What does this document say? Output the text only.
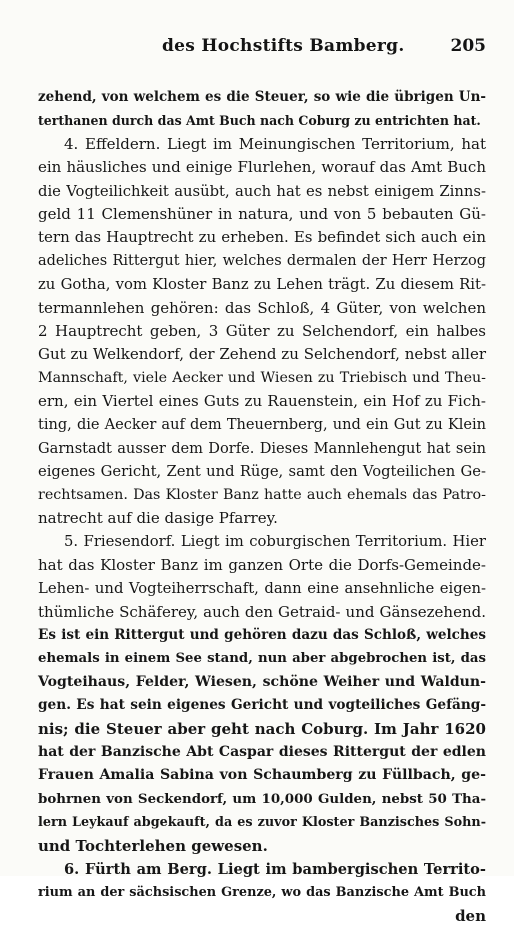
des Hochstifts Bamberg.	205
zehend, von welchem es die Steuer, so wie die übrigen Un-
terthanen durch das Amt Buch nach Coburg zu entrichten hat.
4. Effeldern. Liegt im Meinungischen Territorium, hat
ein häusliches und einige Flurlehen, worauf das Amt Buch
die Vogteilichkeit ausübt, auch hat es nebst einigem Zinns-
geld 11 Clemenshüner in natura, und von 5 bebauten Gü-
tern das Hauptrecht zu erheben. Es befindet sich auch ein
adeliches Rittergut hier, welches dermalen der Herr Herzog
zu Gotha, vom Kloster Banz zu Lehen trägt. Zu diesem Rit-
termannlehen gehören: das Schloß, 4 Güter, von welchen
2 Hauptrecht geben, 3 Güter zu Selchendorf, ein halbes
Gut zu Welkendorf, der Zehend zu Selchendorf, nebst aller
Mannschaft, viele Aecker und Wiesen zu Triebisch und Theu-
ern, ein Viertel eines Guts zu Rauenstein, ein Hof zu Fich-
ting, die Aecker auf dem Theuernberg, und ein Gut zu Klein
Garnstadt ausser dem Dorfe. Dieses Mannlehengut hat sein
eigenes Gericht, Zent und Rüge, samt den Vogteilichen Ge-
rechtsamen. Das Kloster Banz hatte auch ehemals das Patro-
natrecht auf die dasige Pfarrey.
5. Friesendorf. Liegt im coburgischen Territorium. Hier
hat das Kloster Banz im ganzen Orte die Dorfs-Gemeinde-
Lehen- und Vogteiherrschaft, dann eine ansehnliche eigen-
thümliche Schäferey, auch den Getraid- und Gänsezehend.
Es ist ein Rittergut und gehören dazu das Schloß, welches
ehemals in einem See stand, nun aber abgebrochen ist, das
Vogteihaus, Felder, Wiesen, schöne Weiher und Waldun-
gen. Es hat sein eigenes Gericht und vogteiliches Gefäng-
nis; die Steuer aber geht nach Coburg. Im Jahr 1620
hat der Banzische Abt Caspar dieses Rittergut der edlen
Frauen Amalia Sabina von Schaumberg zu Füllbach, ge-
bohrnen von Seckendorf, um 10,000 Gulden, nebst 50 Tha-
lern Leykauf abgekauft, da es zuvor Kloster Banzisches Sohn-
und Tochterlehen gewesen.
6. Fürth am Berg. Liegt im bambergischen Territo-
rium an der sächsischen Grenze, wo das Banzische Amt Buch
den
